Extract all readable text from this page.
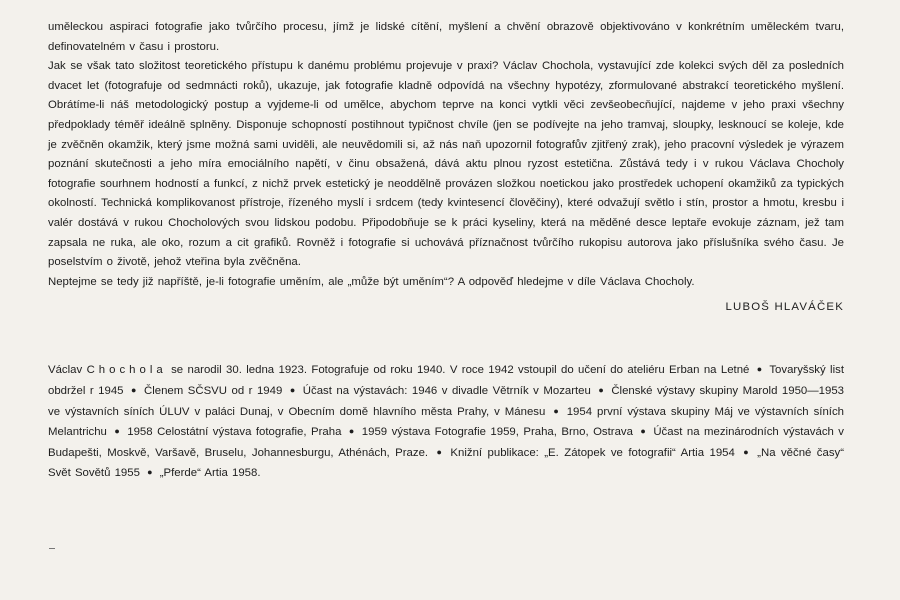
uměleckou aspiraci fotografie jako tvůrčího procesu, jímž je lidské cítění, myšlení a chvění obrazově objektivováno v konkrétním uměleckém tvaru, definovatelném v času i prostoru.

Jak se však tato složitost teoretického přístupu k danému problému projevuje v praxi? Václav Chochola, vystavující zde kolekci svých děl za posledních dvacet let (fotografuje od sedmnácti roků), ukazuje, jak fotografie kladně odpovídá na všechny hypotézy, zformulované abstrakcí teoretického myšlení. Obrátíme-li náš metodologický postup a vyjdeme-li od umělce, abychom teprve na konci vytkli věci zevšeobecňující, najdeme v jeho praxi všechny předpoklady téměř ideálně splněny. Disponuje schopností postihnout typičnost chvíle (jen se podívejte na jeho tramvaj, sloupky, lesknoucí se koleje, kde je zvěčněn okamžik, který jsme možná sami uviděli, ale neuvědomili si, až nás naň upozornil fotografův zjitřený zrak), jeho pracovní výsledek je výrazem poznání skutečnosti a jeho míra emociálního napětí, v činu obsažená, dává aktu plnou ryzost estetična. Zůstává tedy i v rukou Václava Chocholy fotografie sourhnem hodností a funkcí, z nichž prvek estetický je neoddělně provázen složkou noetickou jako prostředek uchopení okamžiků za typických okolností. Technická komplikovanost přístroje, řízeného myslí i srdcem (tedy kvintesencí člověčiny), které odvažují světlo i stín, prostor a hmotu, kresbu i valér dostává v rukou Chocholových svou lidskou podobu. Připodobňuje se k práci kyseliny, která na měděné desce leptaře evokuje záznam, jež tam zapsala ne ruka, ale oko, rozum a cit grafiků. Rovněž i fotografie si uchovává příznačnost tvůrčího rukopisu autorova jako příslušníka svého času. Je poselstvím o životě, jehož vteřina byla zvěčněna.

Neptejme se tedy již napříště, je-li fotografie uměním, ale „může být uměním“? A odpověď hledejme v díle Václava Chocholy.

LUBOŠ HLAVÁČEK
Václav Chochola se narodil 30. ledna 1923. Fotografuje od roku 1940. V roce 1942 vstoupil do učení do ateliéru Erban na Letné ● Tovaryšský list obdržel r 1945 ● Členem SČSVU od r 1949 ● Účast na výstavách: 1946 v divadle Větrník v Mozarteu ● Členské výstavy skupiny Marold 1950—1953 ve výstavních síních ÚLUV v paláci Dunaj, v Obecním domě hlavního města Prahy, v Mánesu ● 1954 první výstava skupiny Máj ve výstavních síních Melantrichu ● 1958 Celostátní výstava fotografie, Praha ● 1959 výstava Fotografie 1959, Praha, Brno, Ostrava ● Účast na mezinárodních výstavách v Budapešti, Moskvě, Varšavě, Bruselu, Johannesburgu, Athénách, Praze. ● Knižní publikace: „E. Zátopek ve fotografii“ Artia 1954 ● „Na věčné časy“ Svět Sovětů 1955 ● „Pferde“ Artia 1958.
